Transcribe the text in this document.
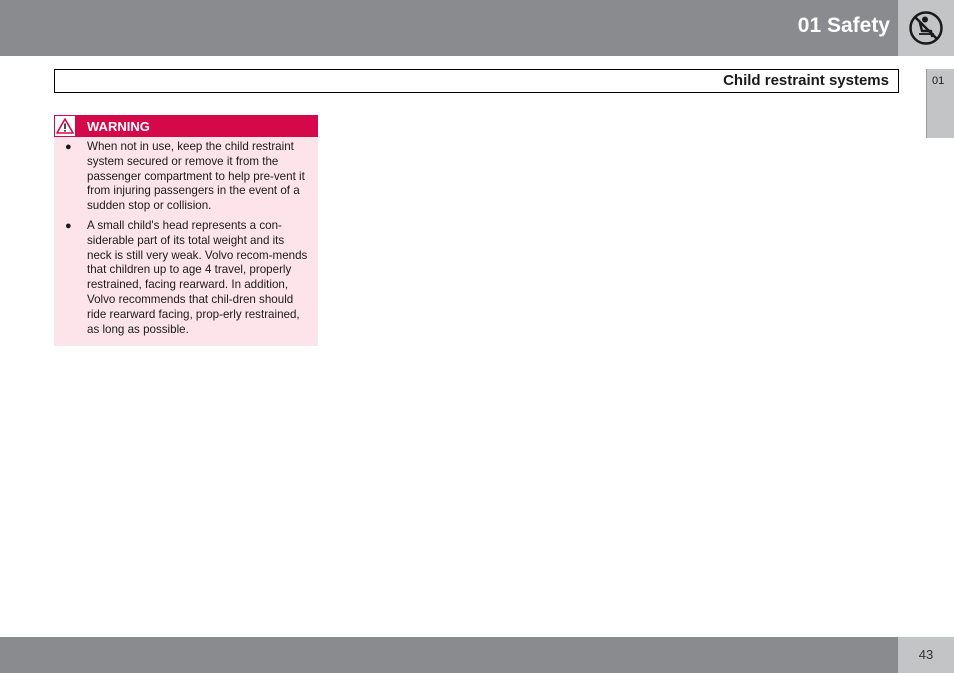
01 Safety
Child restraint systems	01
WARNING
● When not in use, keep the child restraint system secured or remove it from the passenger compartment to help pre-vent it from injuring passengers in the event of a sudden stop or collision.
● A small child's head represents a con-siderable part of its total weight and its neck is still very weak. Volvo recom-mends that children up to age 4 travel, properly restrained, facing rearward. In addition, Volvo recommends that chil-dren should ride rearward facing, prop-erly restrained, as long as possible.
43
